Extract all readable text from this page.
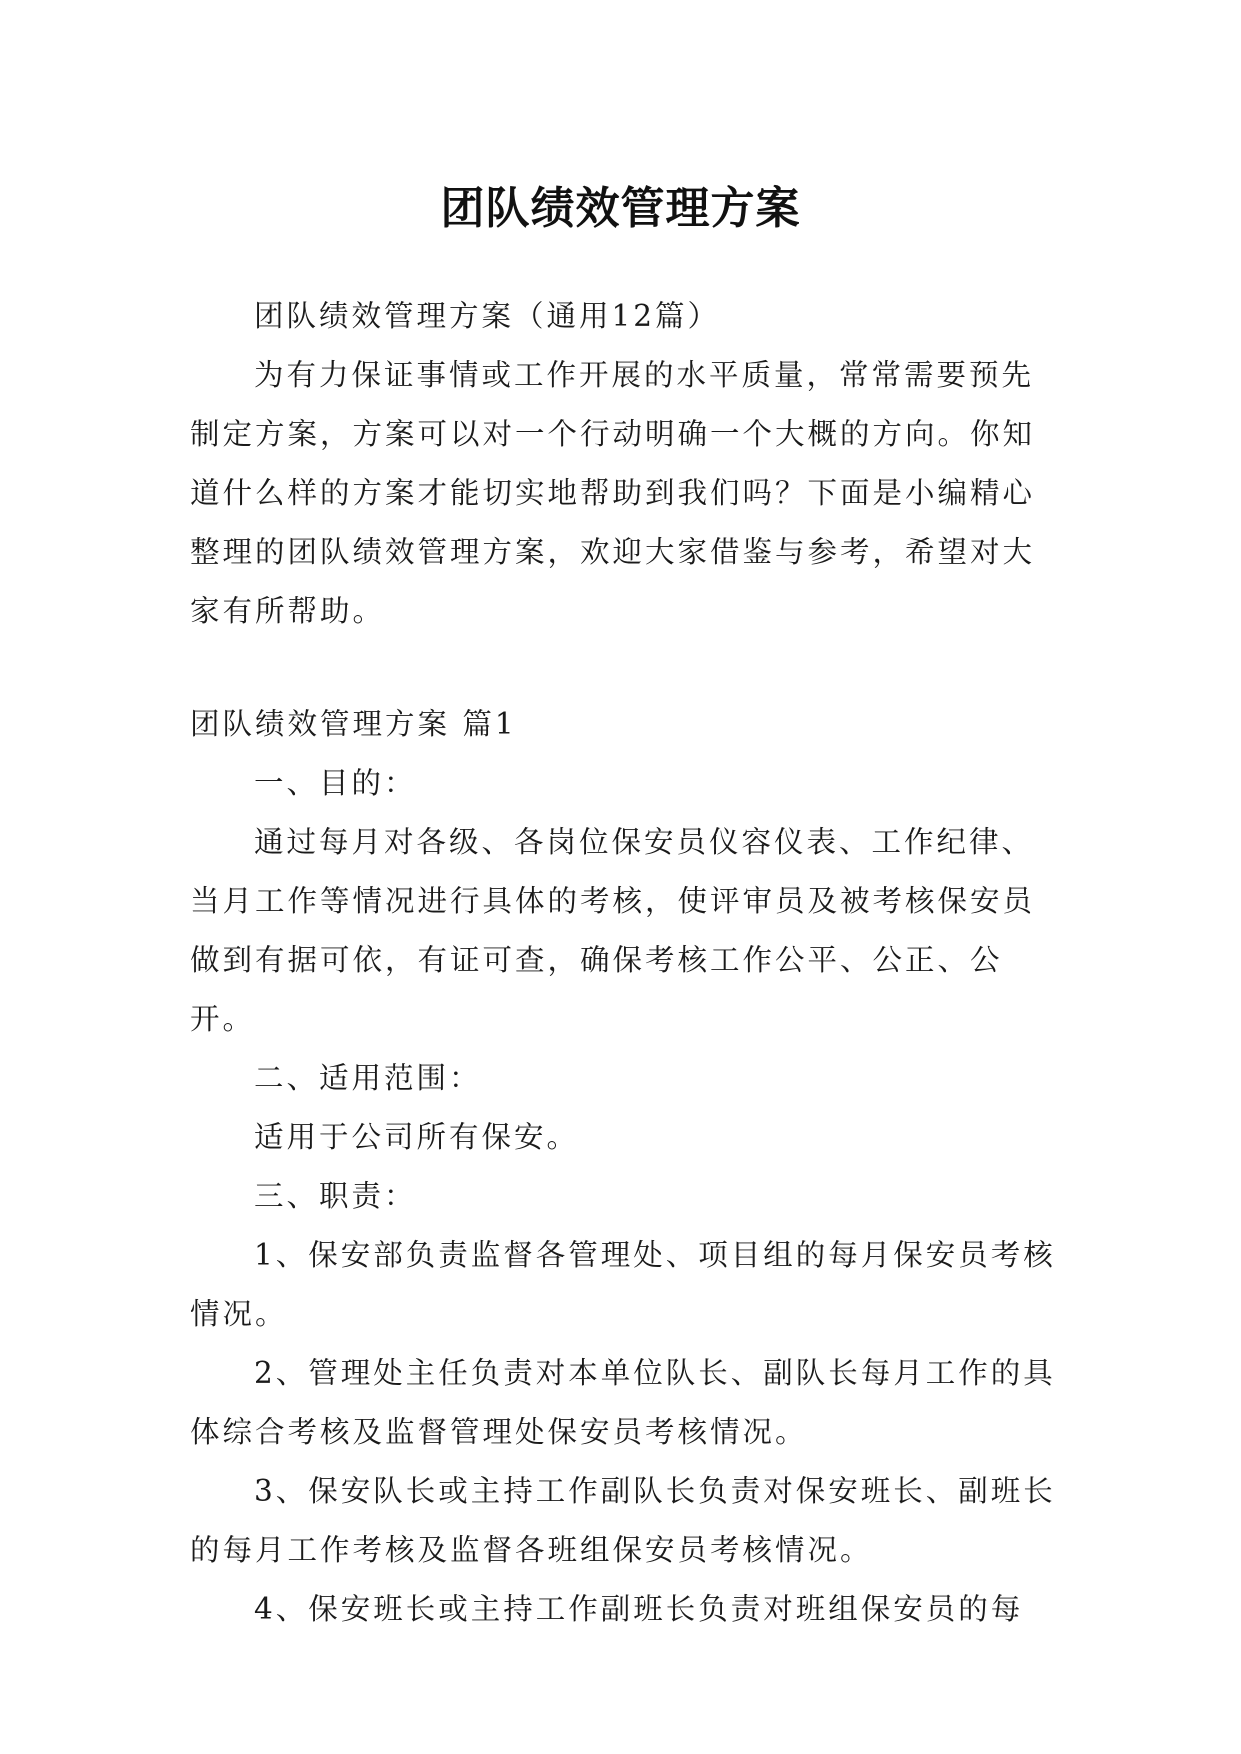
团队绩效管理方案

团队绩效管理方案（通用12篇）

为有力保证事情或工作开展的水平质量，常常需要预先制定方案，方案可以对一个行动明确一个大概的方向。你知道什么样的方案才能切实地帮助到我们吗？下面是小编精心整理的团队绩效管理方案，欢迎大家借鉴与参考，希望对大家有所帮助。

团队绩效管理方案 篇1

一、目的：

通过每月对各级、各岗位保安员仪容仪表、工作纪律、当月工作等情况进行具体的考核，使评审员及被考核保安员做到有据可依，有证可查，确保考核工作公平、公正、公开。

二、适用范围：

适用于公司所有保安。

三、职责：

1、保安部负责监督各管理处、项目组的每月保安员考核情况。

2、管理处主任负责对本单位队长、副队长每月工作的具体综合考核及监督管理处保安员考核情况。

3、保安队长或主持工作副队长负责对保安班长、副班长的每月工作考核及监督各班组保安员考核情况。

4、保安班长或主持工作副班长负责对班组保安员的每
